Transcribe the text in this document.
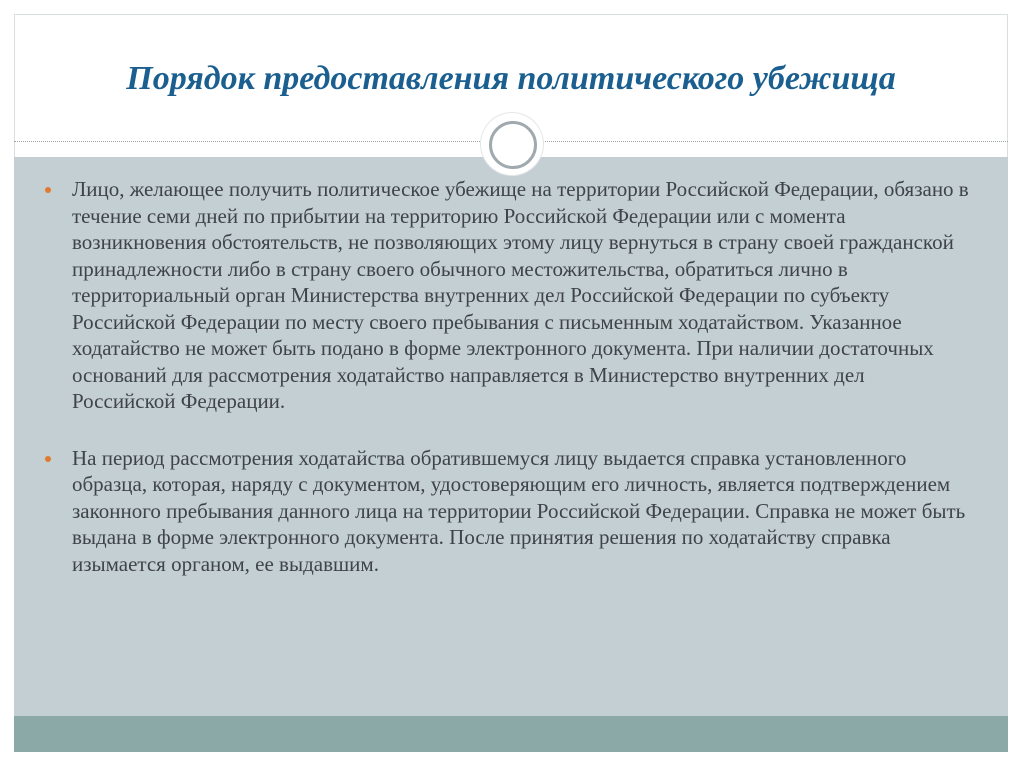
Порядок предоставления политического убежища
Лицо, желающее получить политическое убежище на территории Российской Федерации, обязано в течение семи дней по прибытии на территорию Российской Федерации или с момента возникновения обстоятельств, не позволяющих этому лицу вернуться в страну своей гражданской принадлежности либо в страну своего обычного местожительства, обратиться лично в территориальный орган Министерства внутренних дел Российской Федерации по субъекту Российской Федерации по месту своего пребывания с письменным ходатайством. Указанное ходатайство не может быть подано в форме электронного документа. При наличии достаточных оснований для рассмотрения ходатайство направляется в Министерство внутренних дел Российской Федерации.
На период рассмотрения ходатайства обратившемуся лицу выдается справка установленного образца, которая, наряду с документом, удостоверяющим его личность, является подтверждением законного пребывания данного лица на территории Российской Федерации. Справка не может быть выдана в форме электронного документа. После принятия решения по ходатайству справка изымается органом, ее выдавшим.
